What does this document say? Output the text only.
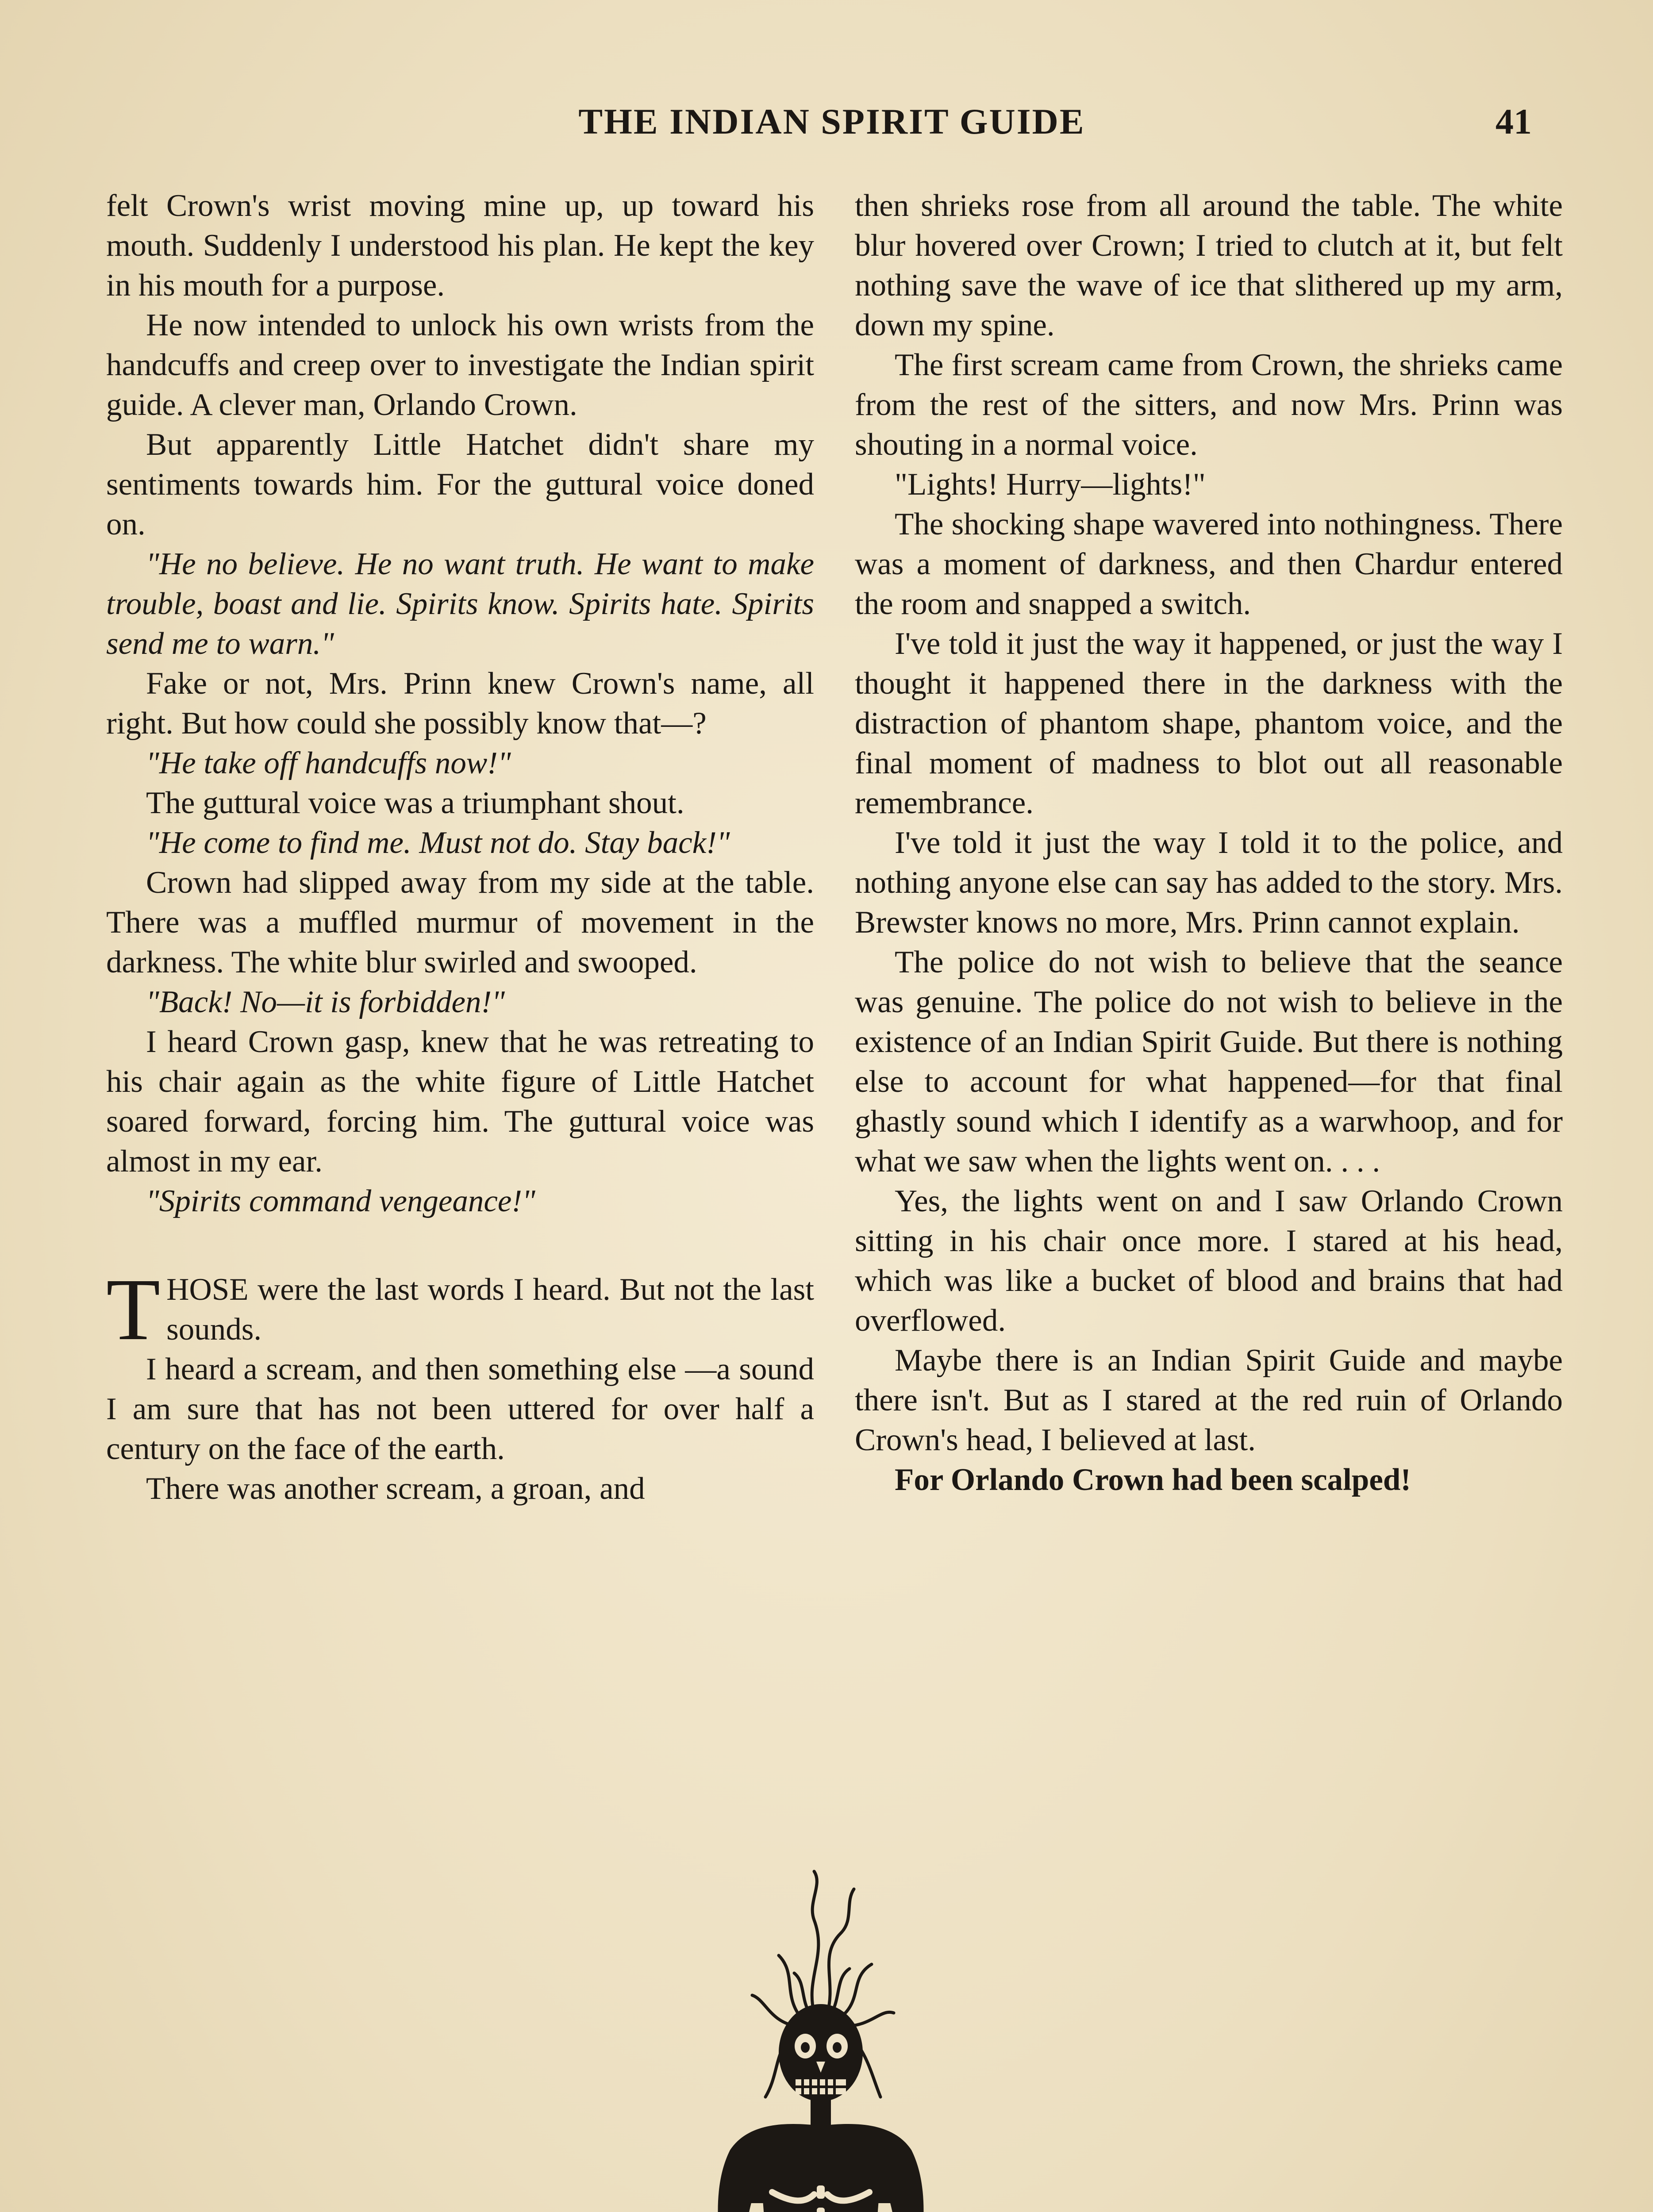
THE INDIAN SPIRIT GUIDE	41

felt Crown's wrist moving mine up, up toward his mouth. Suddenly I understood his plan. He kept the key in his mouth for a purpose.

He now intended to unlock his own wrists from the handcuffs and creep over to investigate the Indian spirit guide. A clever man, Orlando Crown.

But apparently Little Hatchet didn't share my sentiments towards him. For the guttural voice doned on.

"He no believe. He no want truth. He want to make trouble, boast and lie. Spirits know. Spirits hate. Spirits send me to warn."

Fake or not, Mrs. Prinn knew Crown's name, all right. But how could she possibly know that—?

"He take off handcuffs now!"

The guttural voice was a triumphant shout.

"He come to find me. Must not do. Stay back!"

Crown had slipped away from my side at the table. There was a muffled murmur of movement in the darkness. The white blur swirled and swooped.

"Back! No—it is forbidden!"

I heard Crown gasp, knew that he was retreating to his chair again as the white figure of Little Hatchet soared forward, forcing him. The guttural voice was almost in my ear.

"Spirits command vengeance!"

THOSE were the last words I heard. But not the last sounds.

I heard a scream, and then something else —a sound I am sure that has not been uttered for over half a century on the face of the earth.

There was another scream, a groan, and

then shrieks rose from all around the table. The white blur hovered over Crown; I tried to clutch at it, but felt nothing save the wave of ice that slithered up my arm, down my spine.

The first scream came from Crown, the shrieks came from the rest of the sitters, and now Mrs. Prinn was shouting in a normal voice.

"Lights! Hurry—lights!"

The shocking shape wavered into nothingness. There was a moment of darkness, and then Chardur entered the room and snapped a switch.

I've told it just the way it happened, or just the way I thought it happened there in the darkness with the distraction of phantom shape, phantom voice, and the final moment of madness to blot out all reasonable remembrance.

I've told it just the way I told it to the police, and nothing anyone else can say has added to the story. Mrs. Brewster knows no more, Mrs. Prinn cannot explain.

The police do not wish to believe that the seance was genuine. The police do not wish to believe in the existence of an Indian Spirit Guide. But there is nothing else to account for what happened—for that final ghastly sound which I identify as a warwhoop, and for what we saw when the lights went on. . . .

Yes, the lights went on and I saw Orlando Crown sitting in his chair once more. I stared at his head, which was like a bucket of blood and brains that had overflowed.

Maybe there is an Indian Spirit Guide and maybe there isn't. But as I stared at the red ruin of Orlando Crown's head, I believed at last.

For Orlando Crown had been scalped!
